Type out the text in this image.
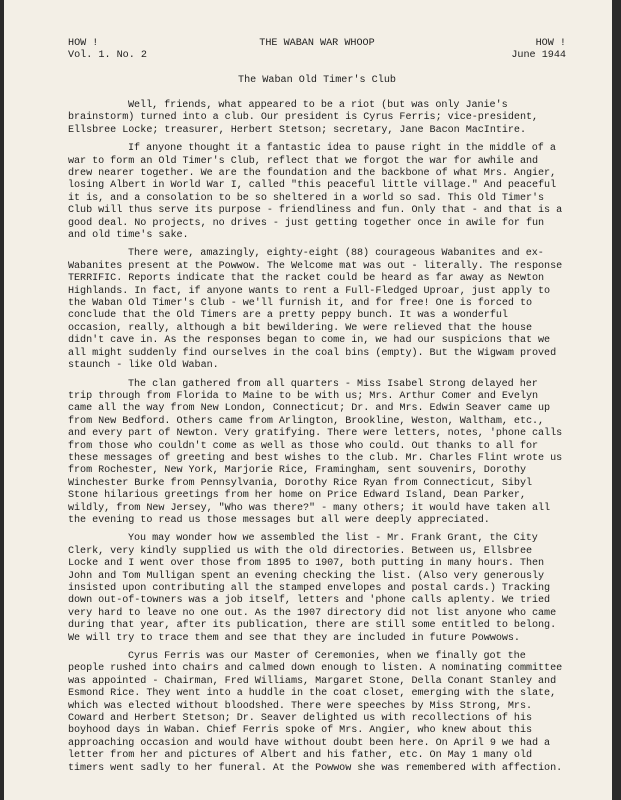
HOW !	THE WABAN WAR WHOOP	HOW !
Vol. 1. No. 2	June 1944
The Waban Old Timer's Club

Well, friends, what appeared to be a riot (but was only Janie's brainstorm) turned into a club. Our president is Cyrus Ferris; vice-president, Ellsbree Locke; treasurer, Herbert Stetson; secretary, Jane Bacon MacIntire.

If anyone thought it a fantastic idea to pause right in the middle of a war to form an Old Timer's Club, reflect that we forgot the war for awhile and drew nearer together. We are the foundation and the backbone of what Mrs. Angier, losing Albert in World War I, called "this peaceful little village." And peaceful it is, and a consolation to be so sheltered in a world so sad. This Old Timer's Club will thus serve its purpose - friendliness and fun. Only that - and that is a good deal. No projects, no drives - just getting together once in awile for fun and old time's sake.

There were, amazingly, eighty-eight (88) courageous Wabanites and ex-Wabanites present at the Powwow. The Welcome mat was out - literally. The response TERRIFIC. Reports indicate that the racket could be heard as far away as Newton Highlands. In fact, if anyone wants to rent a Full-Fledged Uproar, just apply to the Waban Old Timer's Club - we'll furnish it, and for free! One is forced to conclude that the Old Timers are a pretty peppy bunch. It was a wonderful occasion, really, although a bit bewildering. We were relieved that the house didn't cave in. As the responses began to come in, we had our suspicions that we all might suddenly find ourselves in the coal bins (empty). But the Wigwam proved staunch - like Old Waban.

The clan gathered from all quarters - Miss Isabel Strong delayed her trip through from Florida to Maine to be with us; Mrs. Arthur Comer and Evelyn came all the way from New London, Connecticut; Dr. and Mrs. Edwin Seaver came up from New Bedford. Others came from Arlington, Brookline, Weston, Waltham, etc., and every part of Newton. Very gratifying. There were letters, notes, 'phone calls from those who couldn't come as well as those who could. Out thanks to all for these messages of greeting and best wishes to the club. Mr. Charles Flint wrote us from Rochester, New York, Marjorie Rice, Framingham, sent souvenirs, Dorothy Winchester Burke from Pennsylvania, Dorothy Rice Ryan from Connecticut, Sibyl Stone hilarious greetings from her home on Price Edward Island, Dean Parker, wildly, from New Jersey, "Who was there?" - many others; it would have taken all the evening to read us those messages but all were deeply appreciated.

You may wonder how we assembled the list - Mr. Frank Grant, the City Clerk, very kindly supplied us with the old directories. Between us, Ellsbree Locke and I went over those from 1895 to 1907, both putting in many hours. Then John and Tom Mulligan spent an evening checking the list. (Also very generously insisted upon contributing all the stamped envelopes and postal cards.) Tracking down out-of-towners was a job itself, letters and 'phone calls aplenty. We tried very hard to leave no one out. As the 1907 directory did not list anyone who came during that year, after its publication, there are still some entitled to belong. We will try to trace them and see that they are included in future Powwows.

Cyrus Ferris was our Master of Ceremonies, when we finally got the people rushed into chairs and calmed down enough to listen. A nominating committee was appointed - Chairman, Fred Williams, Margaret Stone, Della Conant Stanley and Esmond Rice. They went into a huddle in the coat closet, emerging with the slate, which was elected without bloodshed. There were speeches by Miss Strong, Mrs. Coward and Herbert Stetson; Dr. Seaver delighted us with recollections of his boyhood days in Waban. Chief Ferris spoke of Mrs. Angier, who knew about this approaching occasion and would have without doubt been here. On April 9 we had a letter from her and pictures of Albert and his father, etc. On May 1 many old timers went sadly to her funeral. At the Powwow she was remembered with affection.
